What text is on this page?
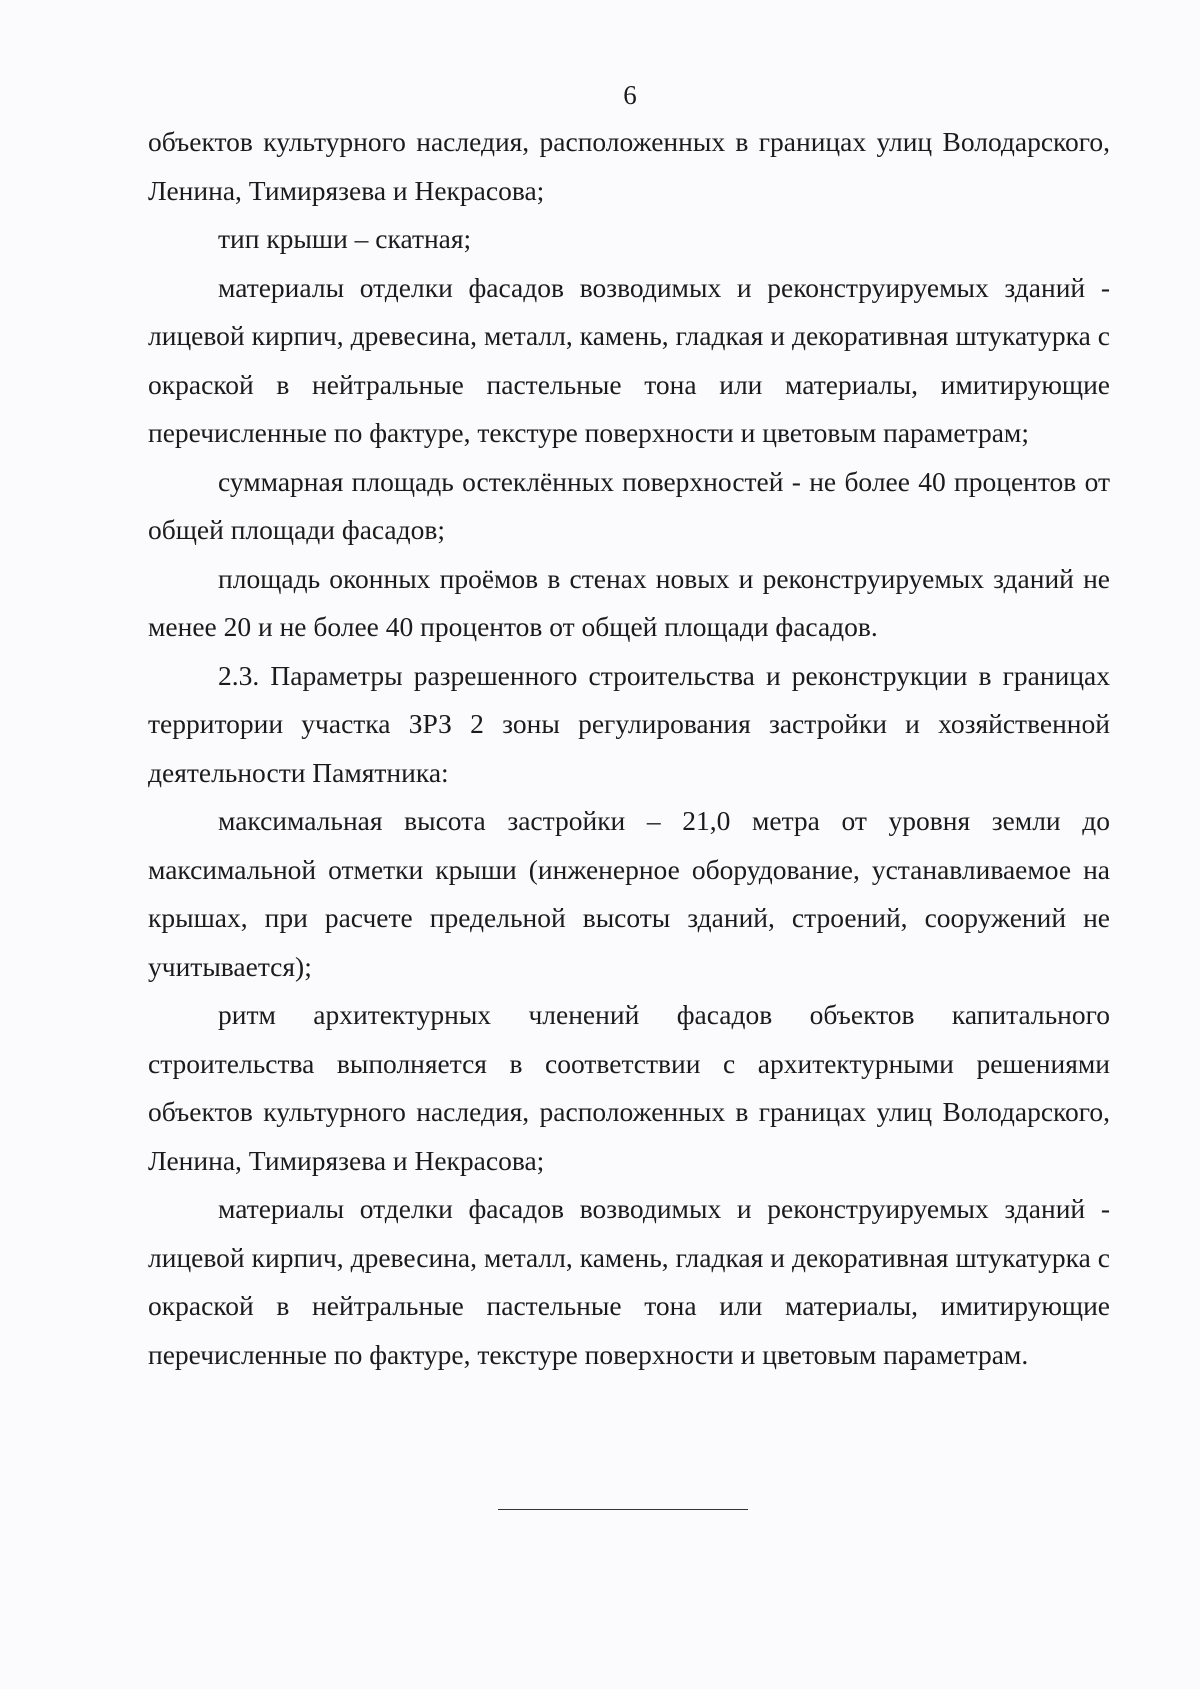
6

объектов культурного наследия, расположенных в границах улиц Володарского, Ленина, Тимирязева и Некрасова;

тип крыши – скатная;

материалы отделки фасадов возводимых и реконструируемых зданий - лицевой кирпич, древесина, металл, камень, гладкая и декоративная штукатурка с окраской в нейтральные пастельные тона или материалы, имитирующие перечисленные по фактуре, текстуре поверхности и цветовым параметрам;

суммарная площадь остеклённых поверхностей - не более 40 процентов от общей площади фасадов;

площадь оконных проёмов в стенах новых и реконструируемых зданий не менее 20 и не более 40 процентов от общей площади фасадов.

2.3. Параметры разрешенного строительства и реконструкции в границах территории участка ЗРЗ 2 зоны регулирования застройки и хозяйственной деятельности Памятника:

максимальная высота застройки – 21,0 метра от уровня земли до максимальной отметки крыши (инженерное оборудование, устанавливаемое на крышах, при расчете предельной высоты зданий, строений, сооружений не учитывается);

ритм архитектурных членений фасадов объектов капитального строительства выполняется в соответствии с архитектурными решениями объектов культурного наследия, расположенных в границах улиц Володарского, Ленина, Тимирязева и Некрасова;

материалы отделки фасадов возводимых и реконструируемых зданий - лицевой кирпич, древесина, металл, камень, гладкая и декоративная штукатурка с окраской в нейтральные пастельные тона или материалы, имитирующие перечисленные по фактуре, текстуре поверхности и цветовым параметрам.
